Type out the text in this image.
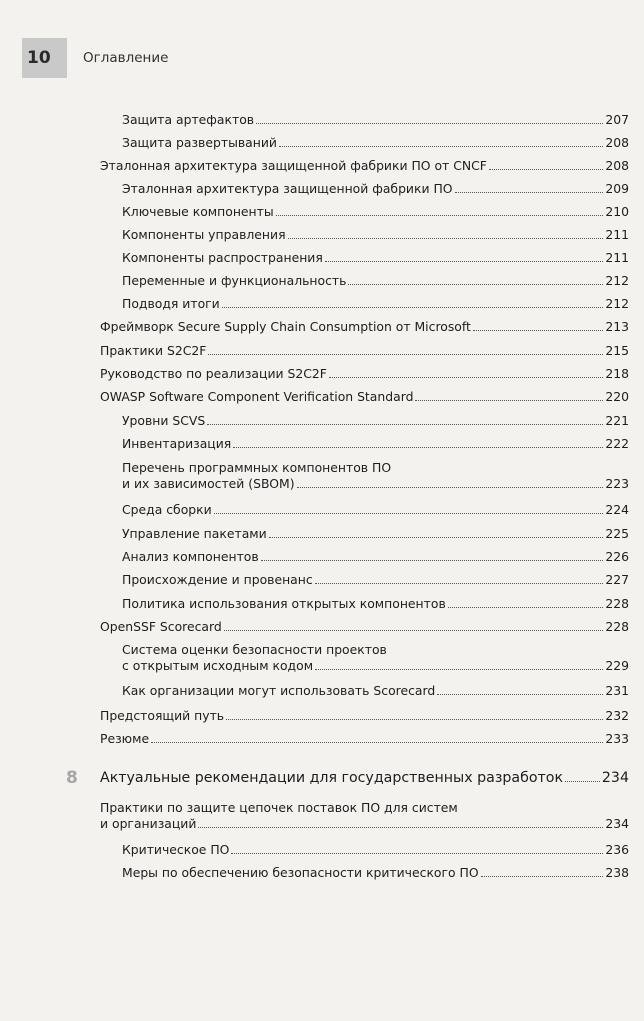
10 Оглавление
Защита артефактов	207
Защита развертываний	208
Эталонная архитектура защищенной фабрики ПО от CNCF	208
Эталонная архитектура защищенной фабрики ПО	209
Ключевые компоненты	210
Компоненты управления	211
Компоненты распространения	211
Переменные и функциональность	212
Подводя итоги	212
Фреймворк Secure Supply Chain Consumption от Microsoft	213
Практики S2C2F	215
Руководство по реализации S2C2F	218
OWASP Software Component Verification Standard	220
Уровни SCVS	221
Инвентаризация	222
Перечень программных компонентов ПО
и их зависимостей (SBOM)	223
Среда сборки	224
Управление пакетами	225
Анализ компонентов	226
Происхождение и провенанс	227
Политика использования открытых компонентов	228
OpenSSF Scorecard	228
Система оценки безопасности проектов
с открытым исходным кодом	229
Как организации могут использовать Scorecard	231
Предстоящий путь	232
Резюме	233
8 Актуальные рекомендации для государственных разработок	234
Практики по защите цепочек поставок ПО для систем
и организаций	234
Критическое ПО	236
Меры по обеспечению безопасности критического ПО	238
